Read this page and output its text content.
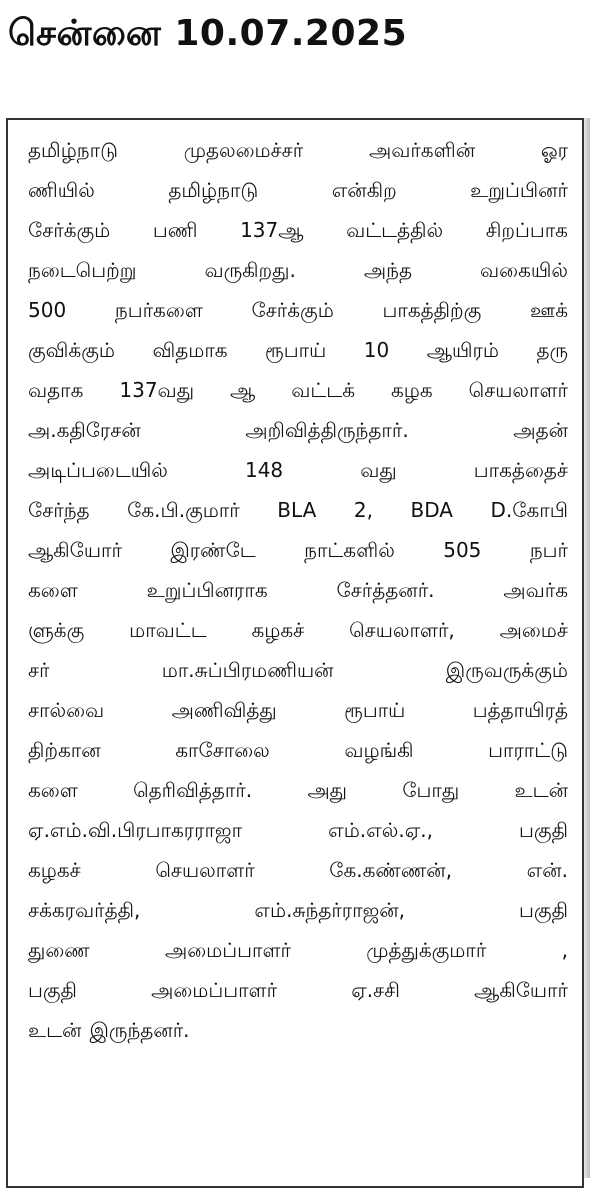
சென்னை 10.07.2025
தமிழ்நாடு	முதலமைச்சர்	அவர்களின்	ஓர
ணியில்	தமிழ்நாடு	என்கிற	உறுப்பினர்
சேர்க்கும் பணி 137ஆ வட்டத்தில் சிறப்பாக
நடைபெற்று	வருகிறது.	அந்த	வகையில்
500 நபர்களை சேர்க்கும் பாகத்திற்கு ஊக்
குவிக்கும் விதமாக ரூபாய் 10 ஆயிரம் தரு
வதாக 137வது ஆ வட்டக் கழக செயலாளர்
அ.கதிரேசன்	அறிவித்திருந்தார்.	அதன்
அடிப்படையில்	148	வது	பாகத்தைச்
சேர்ந்த கே.பி.குமார் BLA 2, BDA D.கோபி
ஆகியோர் இரண்டே நாட்களில் 505 நபர்
களை	உறுப்பினராக	சேர்த்தனர்.	அவர்க
ளுக்கு மாவட்ட கழகச் செயலாளர், அமைச்
சர்	மா.சுப்பிரமணியன்	இருவருக்கும்
சால்வை	அணிவித்து	ரூபாய்	பத்தாயிரத்
திற்கான	காசோலை	வழங்கி	பாராட்டு
களை	தெரிவித்தார்.	அது	போது	உடன்
ஏ.எம்.வி.பிரபாகரராஜா	எம்.எல்.ஏ.,	பகுதி
கழகச்	செயலாளர்	கே.கண்ணன்,	என்.
சக்கரவர்த்தி,	எம்.சுந்தர்ராஜன்,	பகுதி
துணை	அமைப்பாளர்	முத்துக்குமார்	,
பகுதி	அமைப்பாளர்	ஏ.சசி	ஆகியோர்
உடன் இருந்தனர்.
